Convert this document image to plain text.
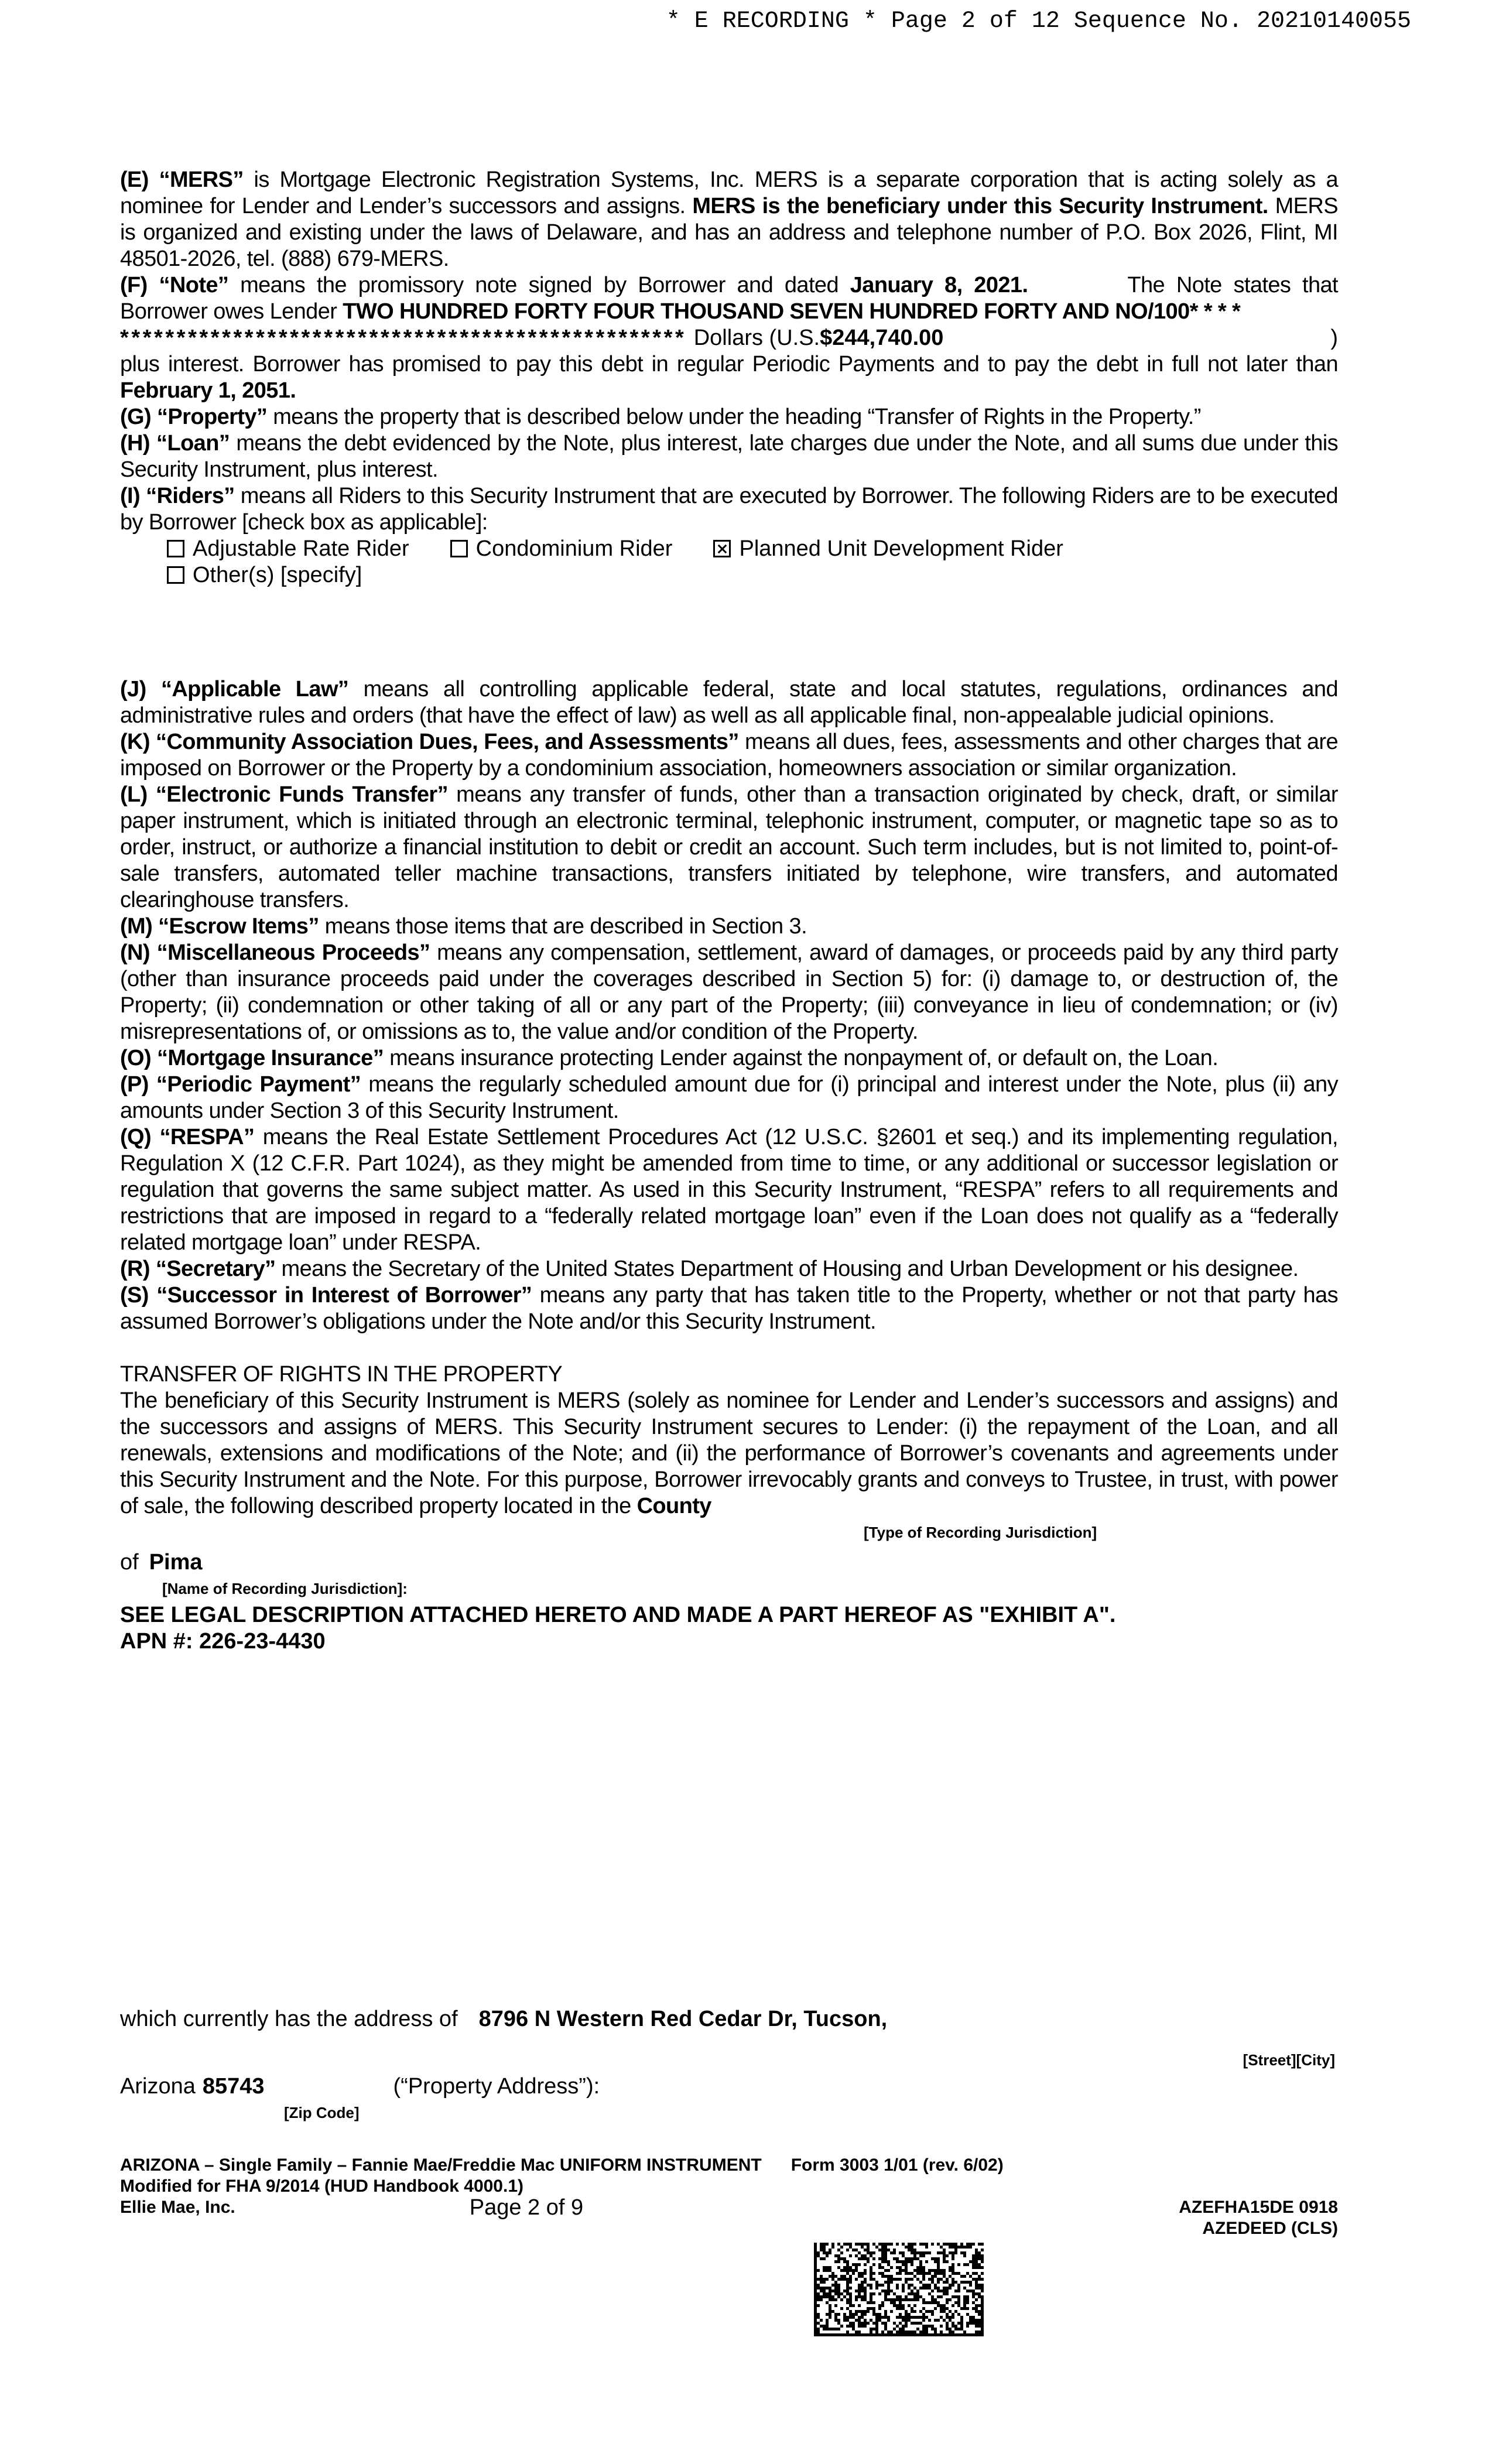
* E RECORDING * Page 2 of 12 Sequence No. 20210140055

(E) “MERS” is Mortgage Electronic Registration Systems, Inc. MERS is a separate corporation that is acting solely as a nominee for Lender and Lender’s successors and assigns. MERS is the beneficiary under this Security Instrument. MERS is organized and existing under the laws of Delaware, and has an address and telephone number of P.O. Box 2026, Flint, MI 48501-2026, tel. (888) 679-MERS.

(F) “Note” means the promissory note signed by Borrower and dated January 8, 2021.	The Note states that Borrower owes Lender TWO HUNDRED FORTY FOUR THOUSAND SEVEN HUNDRED FORTY AND NO/100* * * *

* * * * * * * * * * * * * * * * * * * * * * * * * * * * * * * * * * * * * * * * * * * * * * * * * * Dollars (U.S. $244,740.00	)

plus interest. Borrower has promised to pay this debt in regular Periodic Payments and to pay the debt in full not later than February 1, 2051.

(G) “Property” means the property that is described below under the heading “Transfer of Rights in the Property.”

(H) “Loan” means the debt evidenced by the Note, plus interest, late charges due under the Note, and all sums due under this Security Instrument, plus interest.

(I) “Riders” means all Riders to this Security Instrument that are executed by Borrower. The following Riders are to be executed by Borrower [check box as applicable]:

Adjustable Rate Rider	Condominium Rider	Planned Unit Development Rider
Other(s) [specify]

(J) “Applicable Law” means all controlling applicable federal, state and local statutes, regulations, ordinances and administrative rules and orders (that have the effect of law) as well as all applicable final, non-appealable judicial opinions.

(K) “Community Association Dues, Fees, and Assessments” means all dues, fees, assessments and other charges that are imposed on Borrower or the Property by a condominium association, homeowners association or similar organization.

(L) “Electronic Funds Transfer” means any transfer of funds, other than a transaction originated by check, draft, or similar paper instrument, which is initiated through an electronic terminal, telephonic instrument, computer, or magnetic tape so as to order, instruct, or authorize a financial institution to debit or credit an account. Such term includes, but is not limited to, point-of-sale transfers, automated teller machine transactions, transfers initiated by telephone, wire transfers, and automated clearinghouse transfers.

(M) “Escrow Items” means those items that are described in Section 3.

(N) “Miscellaneous Proceeds” means any compensation, settlement, award of damages, or proceeds paid by any third party (other than insurance proceeds paid under the coverages described in Section 5) for: (i) damage to, or destruction of, the Property; (ii) condemnation or other taking of all or any part of the Property; (iii) conveyance in lieu of condemnation; or (iv) misrepresentations of, or omissions as to, the value and/or condition of the Property.

(O) “Mortgage Insurance” means insurance protecting Lender against the nonpayment of, or default on, the Loan.

(P) “Periodic Payment” means the regularly scheduled amount due for (i) principal and interest under the Note, plus (ii) any amounts under Section 3 of this Security Instrument.

(Q) “RESPA” means the Real Estate Settlement Procedures Act (12 U.S.C. §2601 et seq.) and its implementing regulation, Regulation X (12 C.F.R. Part 1024), as they might be amended from time to time, or any additional or successor legislation or regulation that governs the same subject matter. As used in this Security Instrument, “RESPA” refers to all requirements and restrictions that are imposed in regard to a “federally related mortgage loan” even if the Loan does not qualify as a “federally related mortgage loan” under RESPA.

(R) “Secretary” means the Secretary of the United States Department of Housing and Urban Development or his designee.

(S) “Successor in Interest of Borrower” means any party that has taken title to the Property, whether or not that party has assumed Borrower’s obligations under the Note and/or this Security Instrument.

TRANSFER OF RIGHTS IN THE PROPERTY

The beneficiary of this Security Instrument is MERS (solely as nominee for Lender and Lender’s successors and assigns) and the successors and assigns of MERS. This Security Instrument secures to Lender: (i) the repayment of the Loan, and all renewals, extensions and modifications of the Note; and (ii) the performance of Borrower’s covenants and agreements under this Security Instrument and the Note. For this purpose, Borrower irrevocably grants and conveys to Trustee, in trust, with power of sale, the following described property located in the County

[Type of Recording Jurisdiction]
of Pima
[Name of Recording Jurisdiction]:
SEE LEGAL DESCRIPTION ATTACHED HERETO AND MADE A PART HEREOF AS "EXHIBIT A".
APN #: 226-23-4430
which currently has the address of 8796 N Western Red Cedar Dr, Tucson,
[Street][City]
Arizona 85743	(“Property Address”):
[Zip Code]
ARIZONA – Single Family – Fannie Mae/Freddie Mac UNIFORM INSTRUMENT Form 3003 1/01 (rev. 6/02)
Modified for FHA 9/2014 (HUD Handbook 4000.1)
Ellie Mae, Inc.	Page 2 of 9	AZEFHA15DE 0918
AZEDEED (CLS)
